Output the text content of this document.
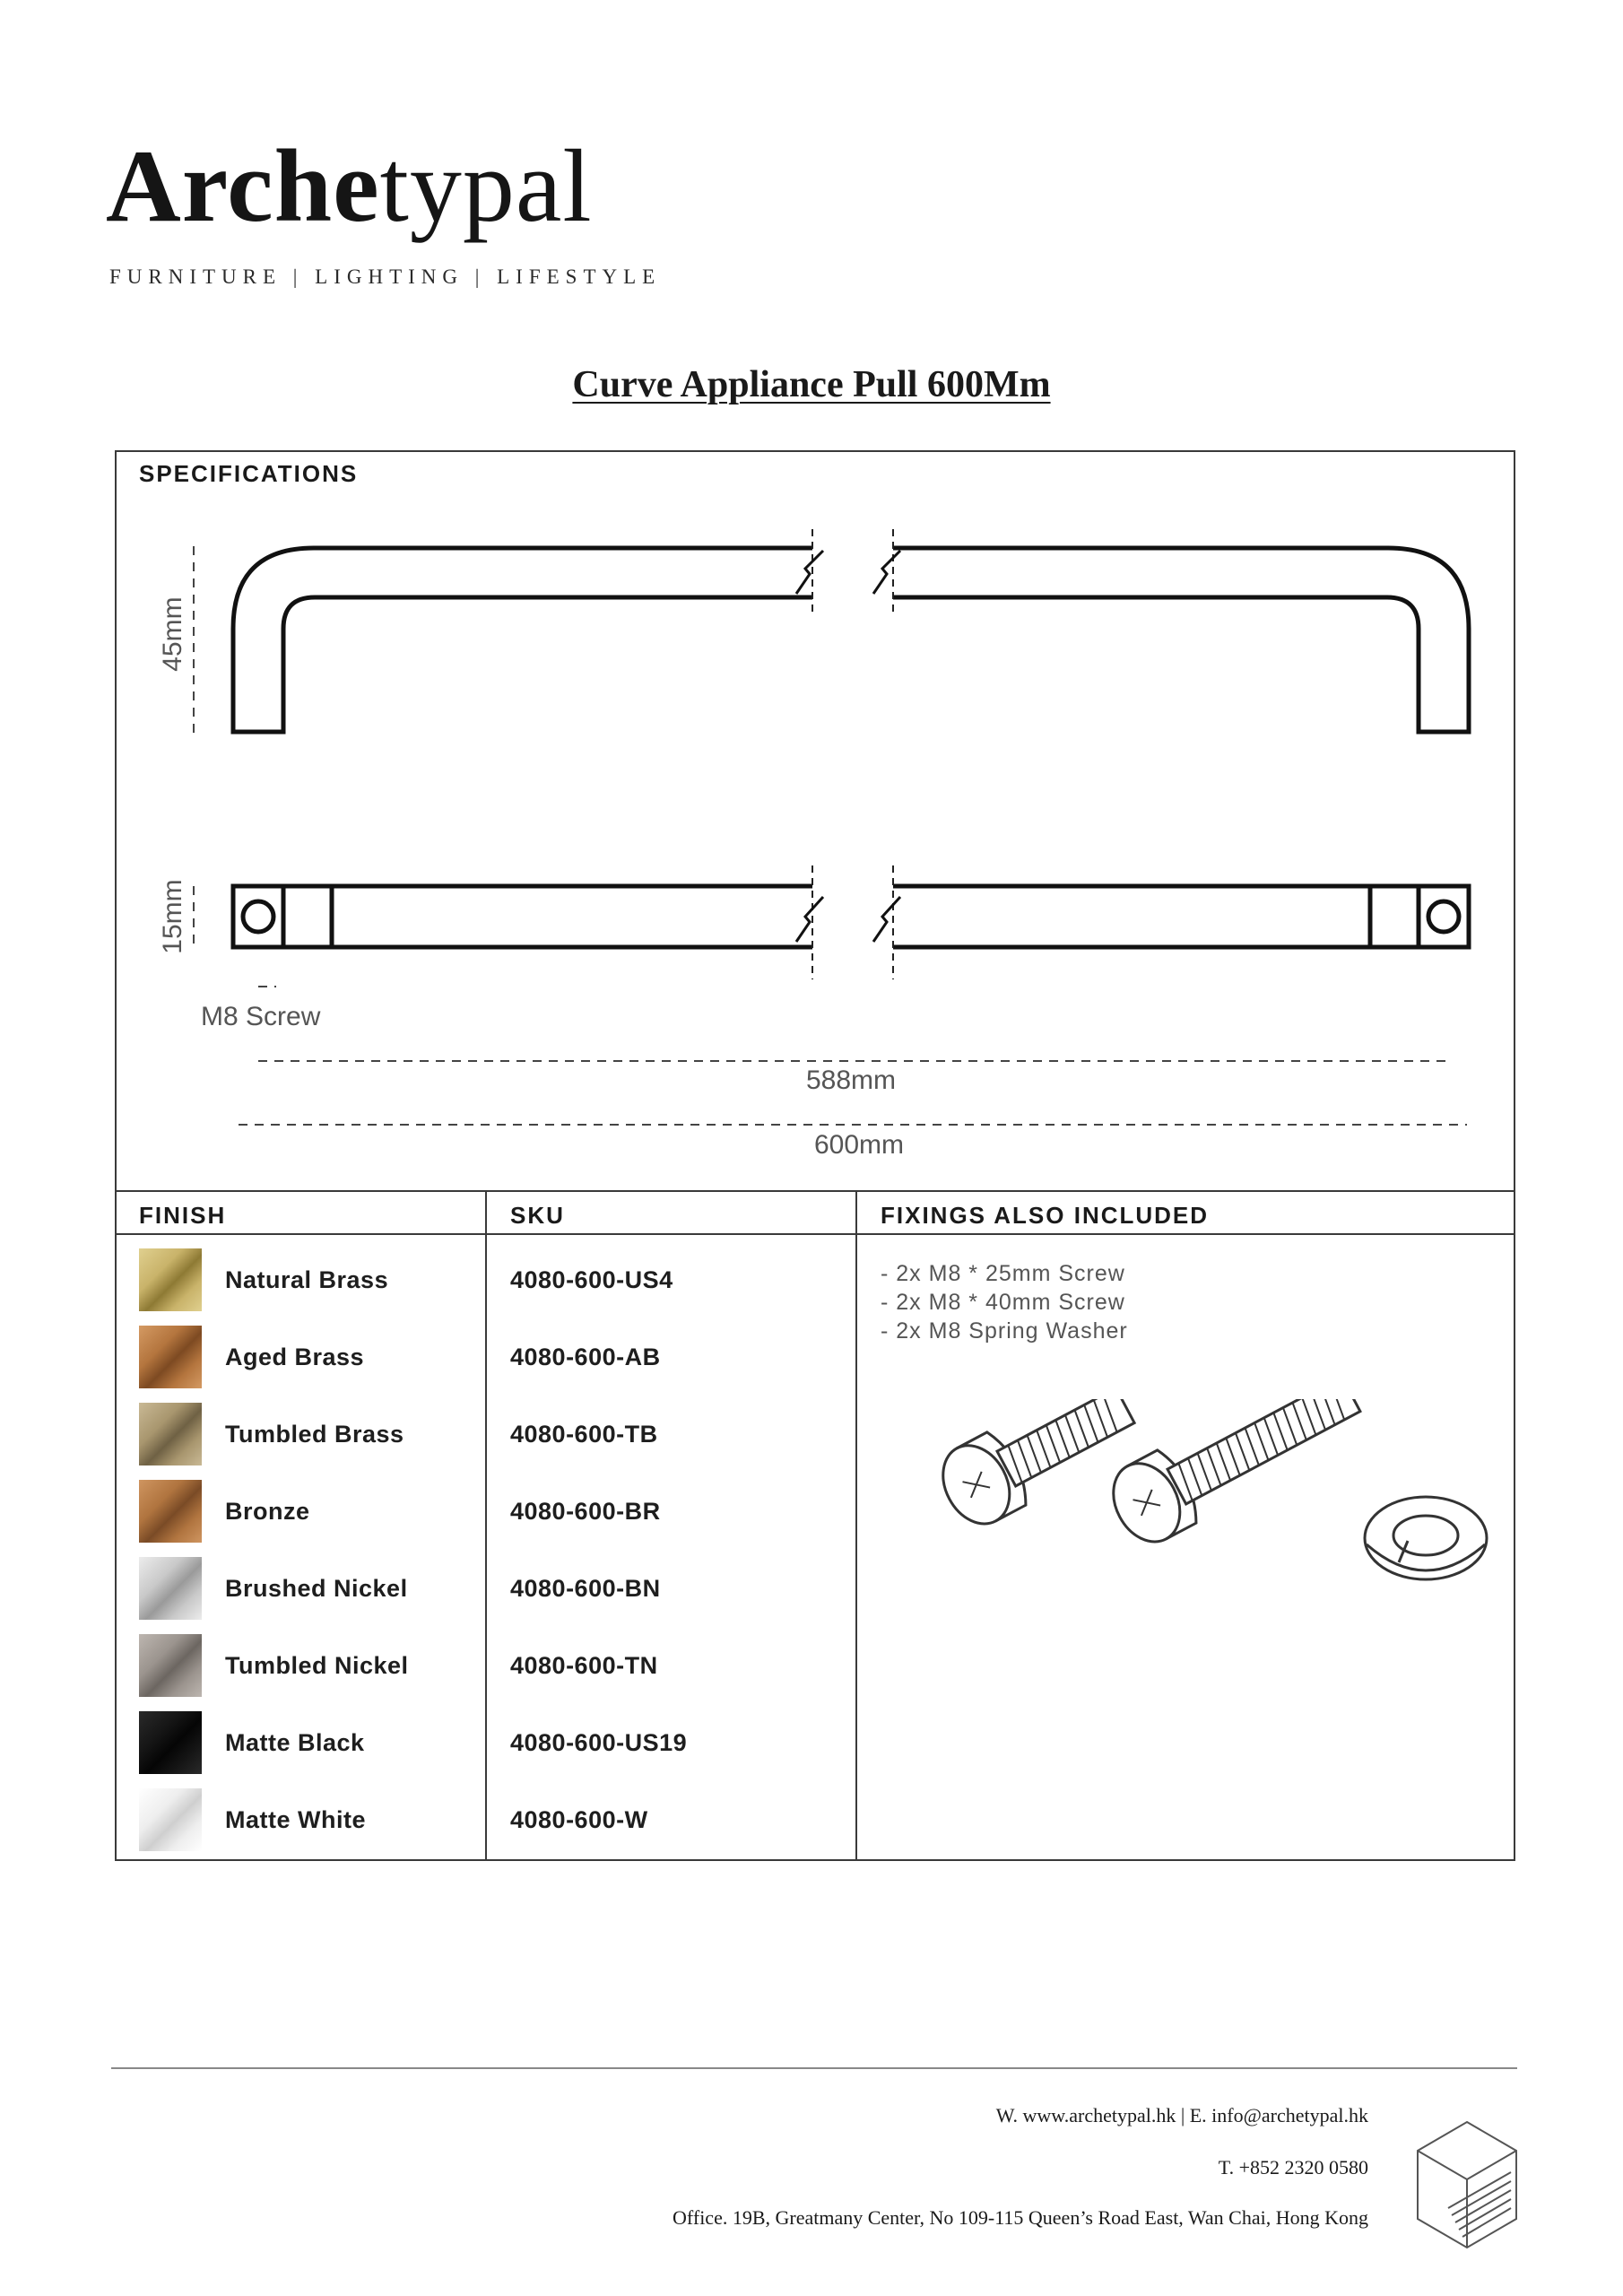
Archetypal
FURNITURE | LIGHTING | LIFESTYLE
Curve Appliance Pull 600Mm
SPECIFICATIONS
45mm
15mm
M8 Screw
588mm
600mm
FINISH	SKU	FIXINGS ALSO INCLUDED
Natural Brass	4080-600-US4
Aged Brass	4080-600-AB
Tumbled Brass	4080-600-TB
Bronze	4080-600-BR
Brushed Nickel	4080-600-BN
Tumbled Nickel	4080-600-TN
Matte Black	4080-600-US19
Matte White	4080-600-W
- 2x M8 * 25mm Screw
- 2x M8 * 40mm Screw
- 2x M8 Spring Washer
W. www.archetypal.hk | E. info@archetypal.hk
T. +852 2320 0580
Office. 19B, Greatmany Center, No 109-115 Queen’s Road East, Wan Chai, Hong Kong
